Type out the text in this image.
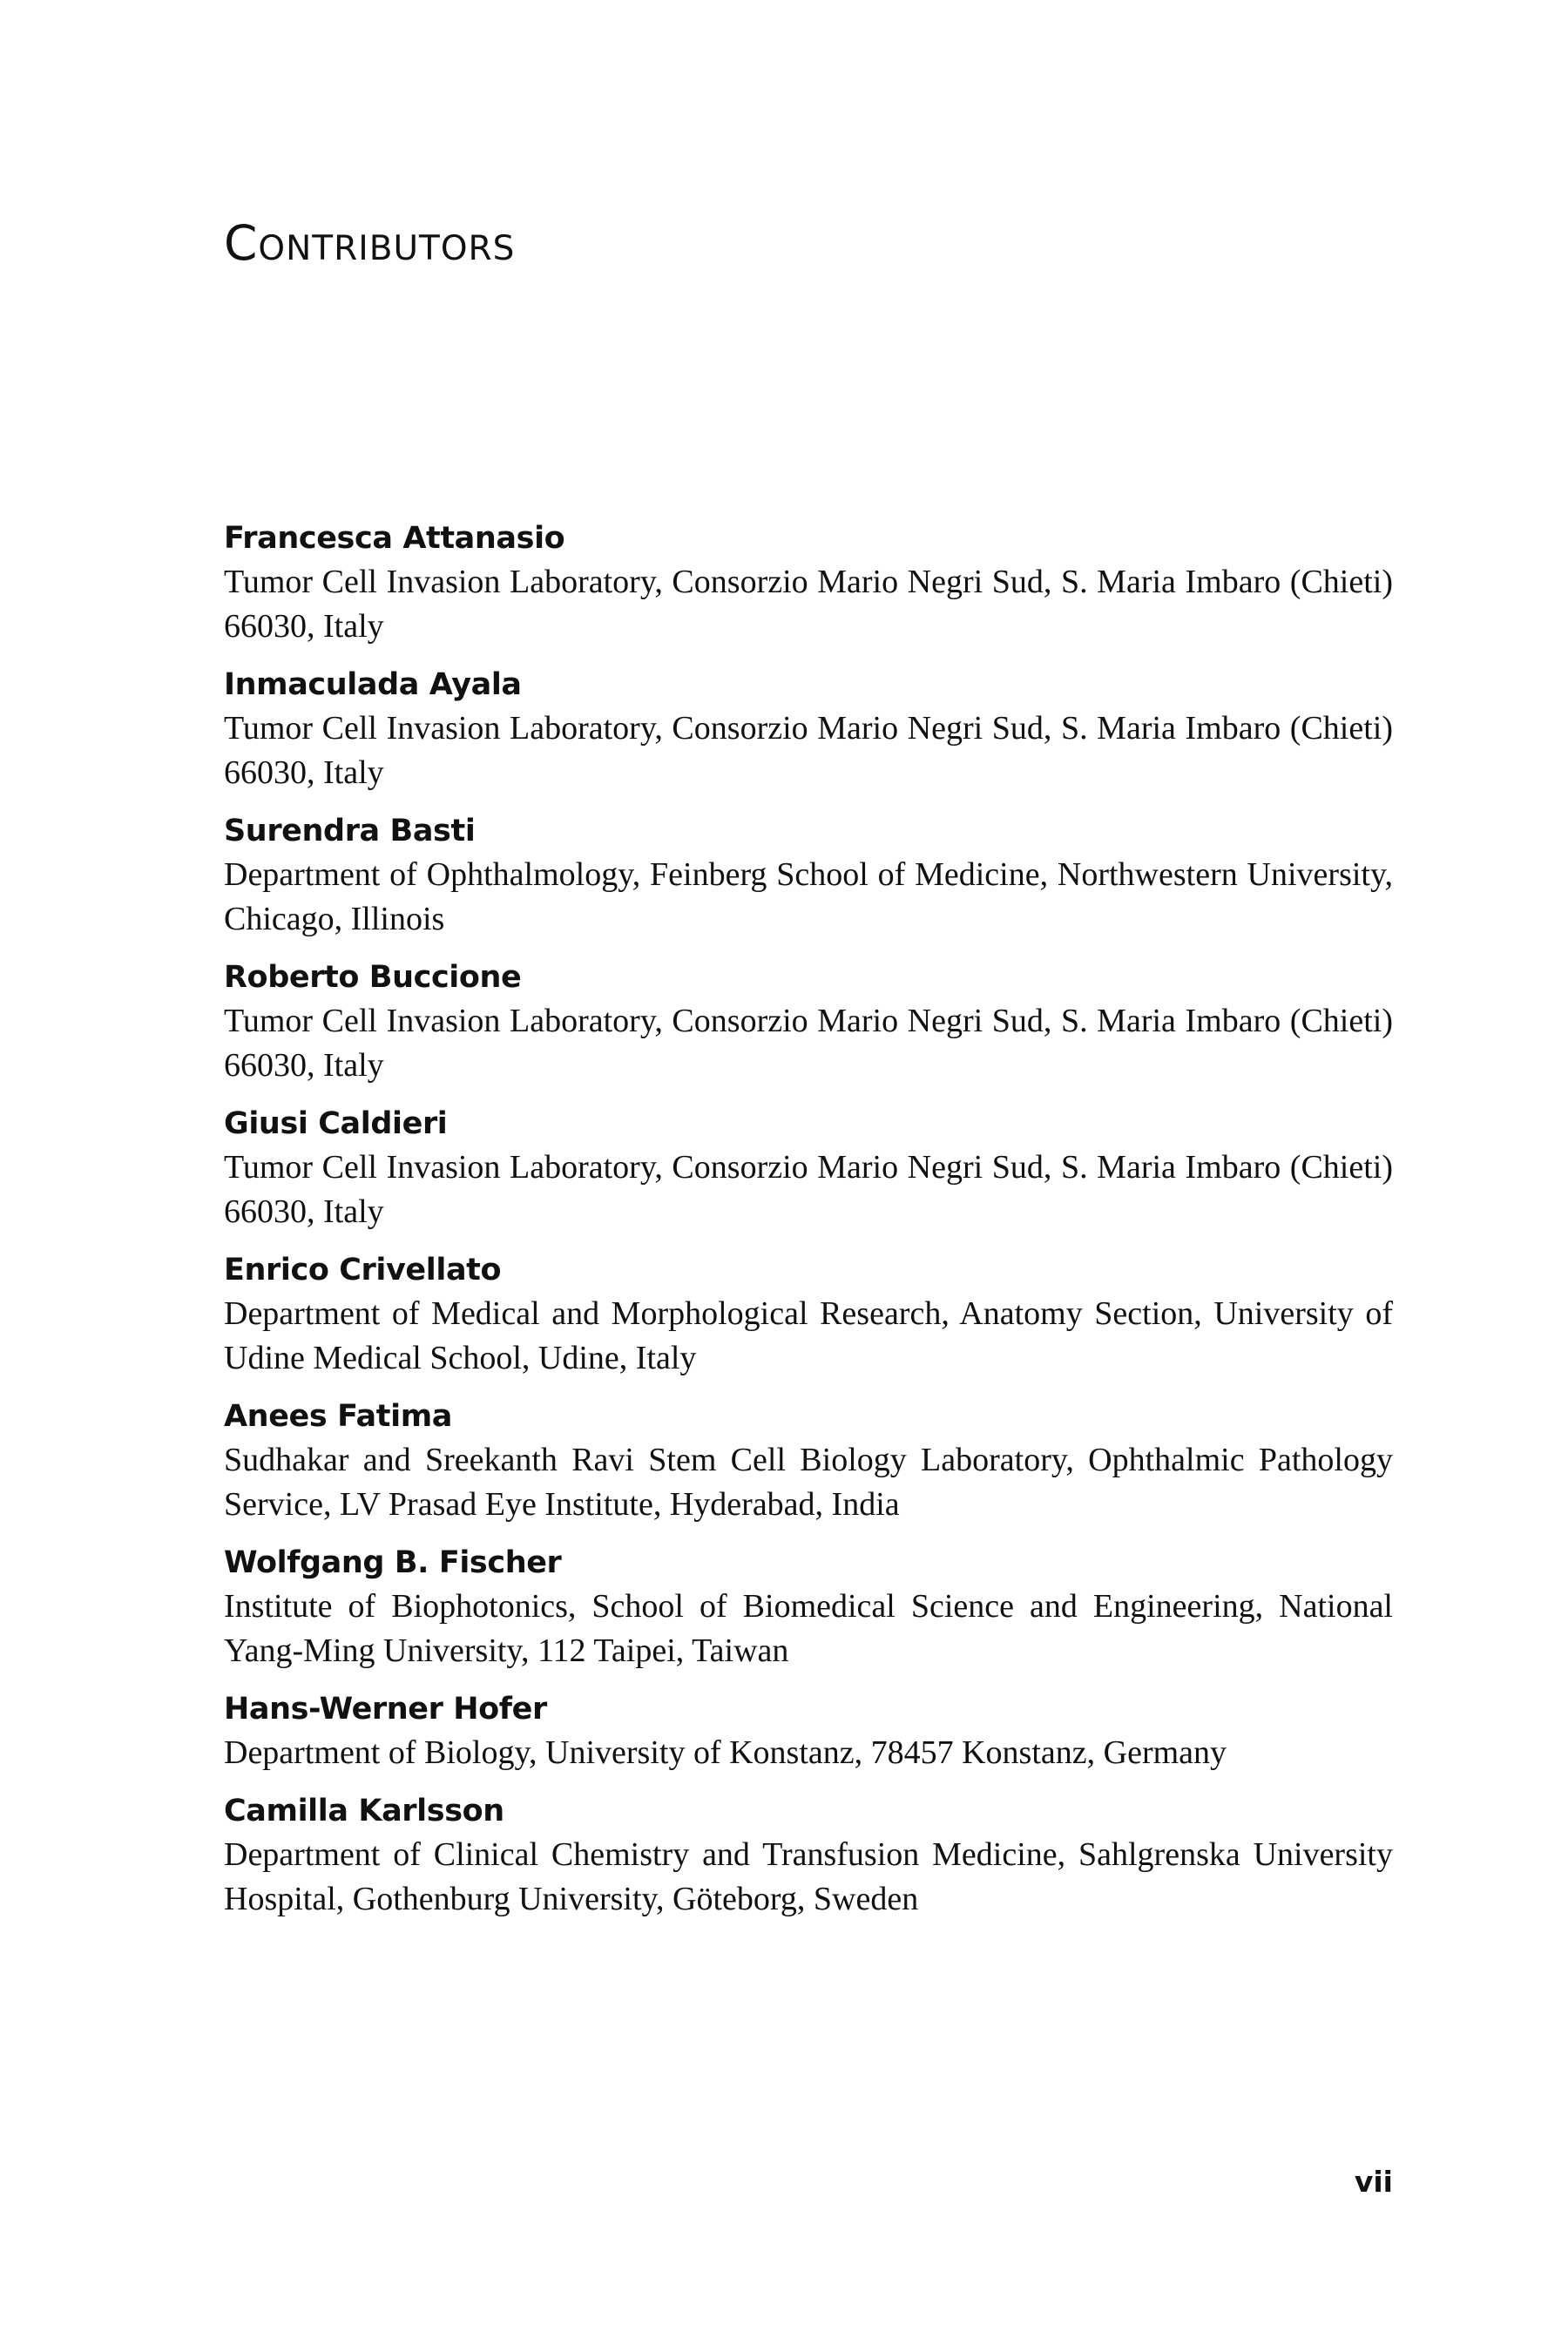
Contributors
Francesca Attanasio
Tumor Cell Invasion Laboratory, Consorzio Mario Negri Sud, S. Maria Imbaro (Chieti) 66030, Italy
Inmaculada Ayala
Tumor Cell Invasion Laboratory, Consorzio Mario Negri Sud, S. Maria Imbaro (Chieti) 66030, Italy
Surendra Basti
Department of Ophthalmology, Feinberg School of Medicine, Northwestern University, Chicago, Illinois
Roberto Buccione
Tumor Cell Invasion Laboratory, Consorzio Mario Negri Sud, S. Maria Imbaro (Chieti) 66030, Italy
Giusi Caldieri
Tumor Cell Invasion Laboratory, Consorzio Mario Negri Sud, S. Maria Imbaro (Chieti) 66030, Italy
Enrico Crivellato
Department of Medical and Morphological Research, Anatomy Section, University of Udine Medical School, Udine, Italy
Anees Fatima
Sudhakar and Sreekanth Ravi Stem Cell Biology Laboratory, Ophthalmic Pathology Service, LV Prasad Eye Institute, Hyderabad, India
Wolfgang B. Fischer
Institute of Biophotonics, School of Biomedical Science and Engineering, National Yang-Ming University, 112 Taipei, Taiwan
Hans-Werner Hofer
Department of Biology, University of Konstanz, 78457 Konstanz, Germany
Camilla Karlsson
Department of Clinical Chemistry and Transfusion Medicine, Sahlgrenska University Hospital, Gothenburg University, Göteborg, Sweden
vii
